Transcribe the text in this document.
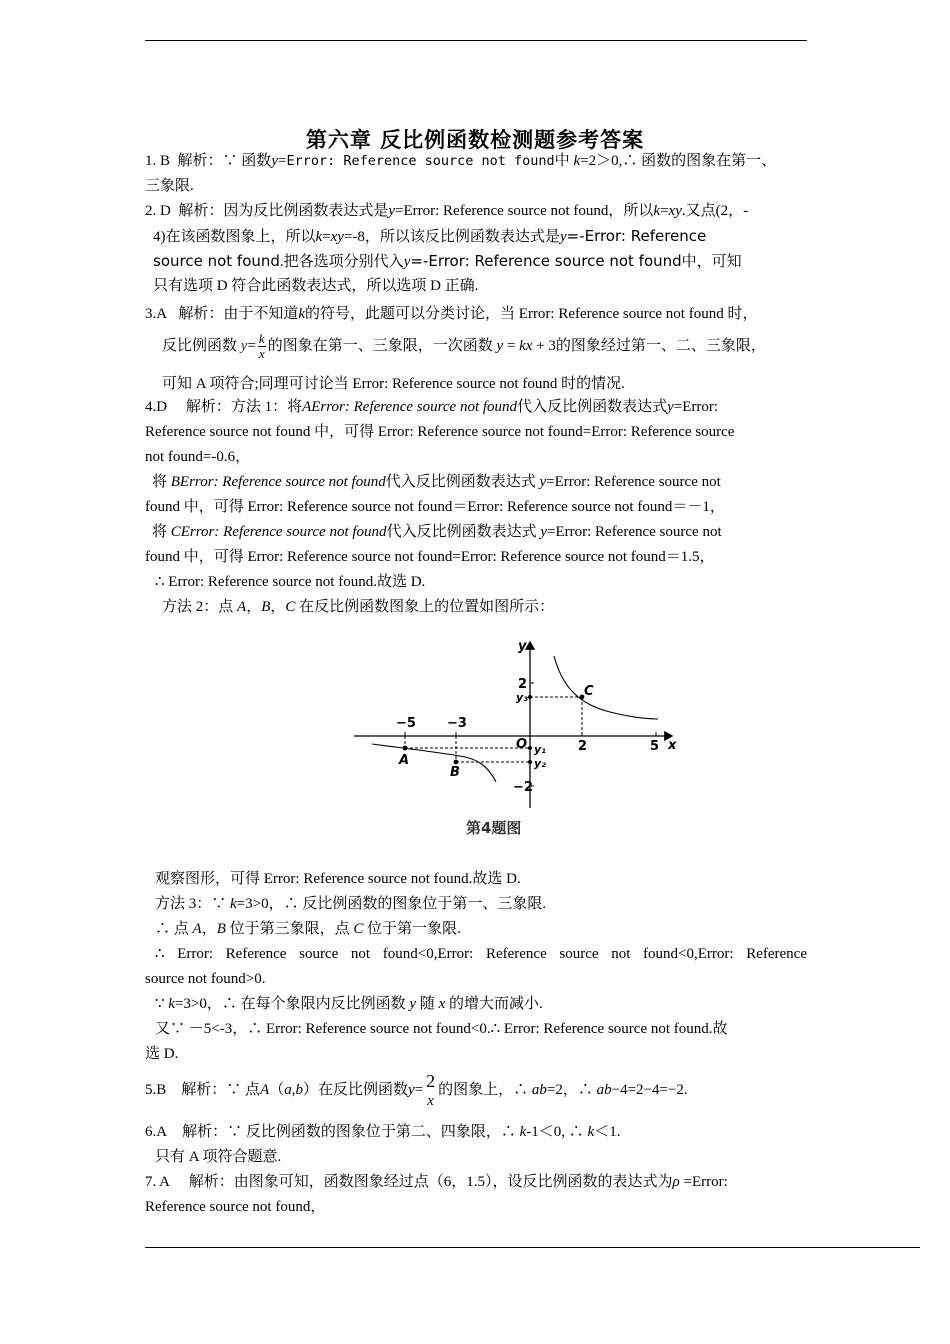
第六章 反比例函数检测题参考答案
1. B 解析：∵ 函数y=Error: Reference source not found中 k=2＞0,∴ 函数的图象在第一、
三象限.
2. D 解析：因为反比例函数表达式是y=Error: Reference source not found，所以k=xy.又点(2，-
4)在该函数图象上，所以k=xy=-8，所以该反比例函数表达式是y=-Error: Reference
source not found.把各选项分别代入y=-Error: Reference source not found中，可知
只有选项 D 符合此函数表达式，所以选项 D 正确.
3.A 解析：由于不知道k的符号，此题可以分类讨论，当 Error: Reference source not found 时，
反比例函数 $y= \frac{k}{x}$ 的图象在第一、三象限，一次函数 y = kx + 3的图象经过第一、二、三象限，
可知 A 项符合;同理可讨论当 Error: Reference source not found 时的情况.
4.D 解析：方法 1：将AError: Reference source not found代入反比例函数表达式y=Error:
Reference source not found 中，可得 Error: Reference source not found=Error: Reference source
not found=-0.6，
将 BError: Reference source not found代入反比例函数表达式 y=Error: Reference source not
found 中，可得 Error: Reference source not found＝Error: Reference source not found＝－1，
将 CError: Reference source not found代入反比例函数表达式 y=Error: Reference source not
found 中，可得 Error: Reference source not found=Error: Reference source not found＝1.5，
∴ Error: Reference source not found.故选 D.
方法 2：点 A，B，C 在反比例函数图象上的位置如图所示：
y
x
O
−5 −3
2	5
2
−2
y₃
y₁
y₂
A
B
C
第4题图
观察图形，可得 Error: Reference source not found.故选 D.
方法 3：∵ k=3>0，∴ 反比例函数的图象位于第一、三象限.
∴ 点 A，B 位于第三象限，点 C 位于第一象限.
∴ Error: Reference source not found<0,Error: Reference source not found<0,Error: Reference
source not found>0.
∵ k=3>0，∴ 在每个象限内反比例函数 y 随 x 的增大而减小.
又∵ －5<-3，∴ Error: Reference source not found<0.∴ Error: Reference source not found.故
选 D.
5.B 解析：∵ 点A（a,b）在反比例函数y= 2
x
的图象上，∴ ab=2，∴ ab−4=2−4=−2.
6.A 解析：∵ 反比例函数的图象位于第二、四象限，∴ k-1＜0, ∴ k＜1.
只有 A 项符合题意.
7. A 解析：由图象可知，函数图象经过点（6，1.5），设反比例函数的表达式为ρ =Error:
Reference source not found，
